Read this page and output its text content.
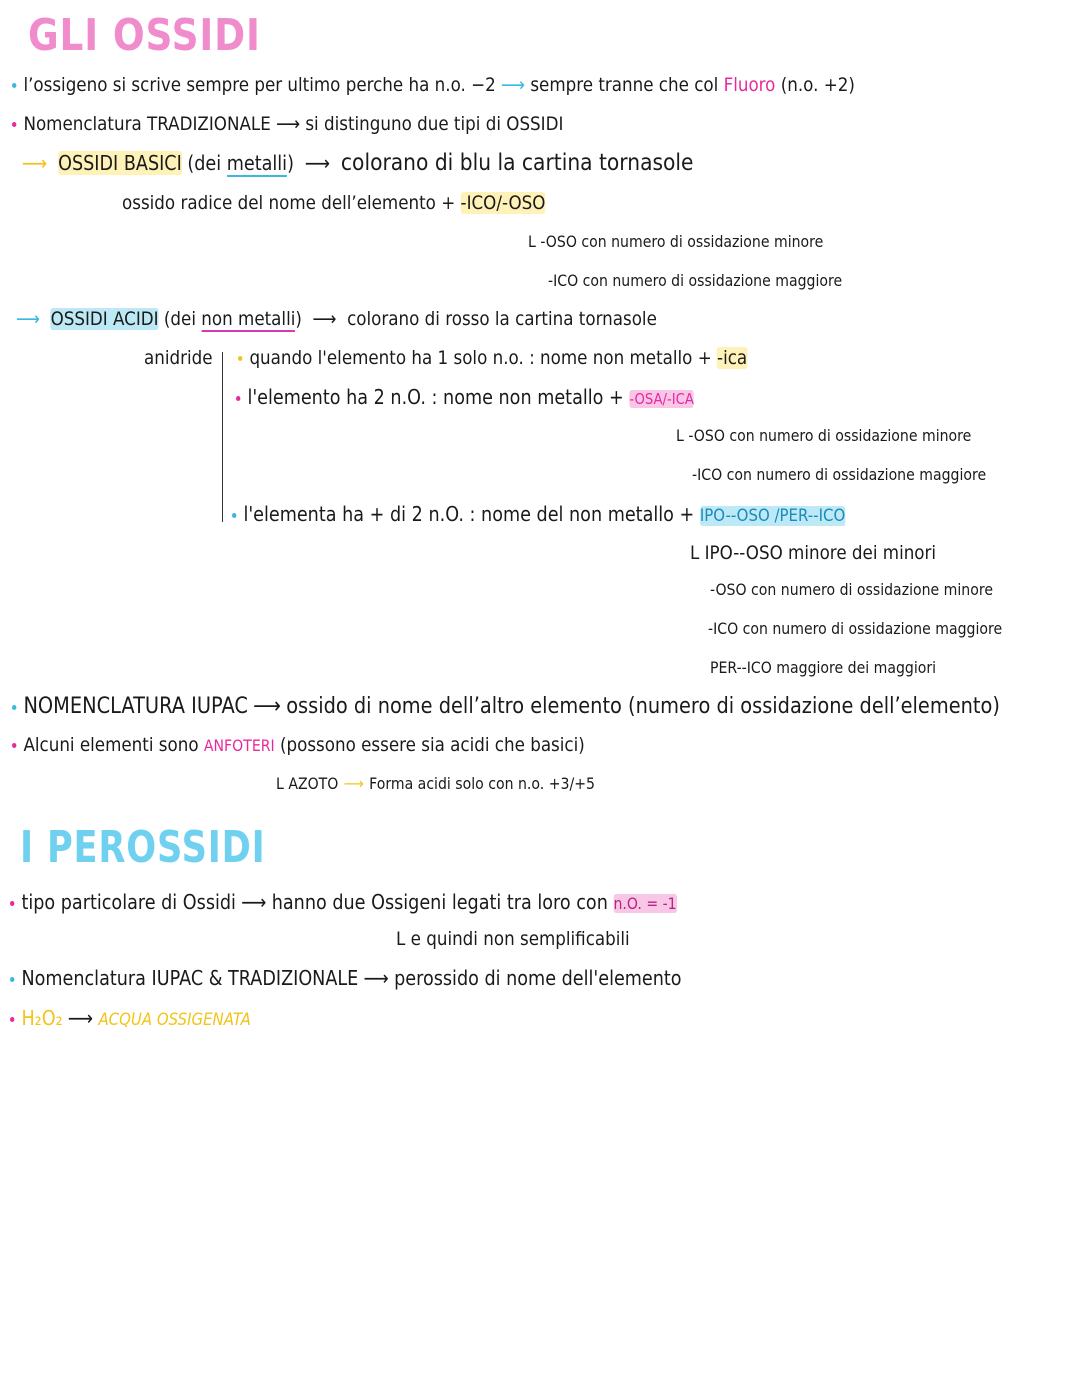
GLI OSSIDI
l’ossigeno si scrive sempre per ultimo perche ha n.o. −2 ⟶ sempre tranne che col Fluoro (n.o. +2)
Nomenclatura TRADIZIONALE ⟶ si distinguno due tipi di OSSIDI
⟶ OSSIDI BASICI (dei metalli) ⟶ colorano di blu la cartina tornasole
ossido radice del nome dell’elemento + -ICO/-OSO
L -OSO con numero di ossidazione minore
-ICO con numero di ossidazione maggiore
⟶ OSSIDI ACIDI (dei non metalli) ⟶ colorano di rosso la cartina tornasole
anidride	quando l'elemento ha 1 solo n.o. : nome non metallo + -ica
l'elemento ha 2 n.O. : nome non metallo + -OSA/-ICA
L -OSO con numero di ossidazione minore
-ICO con numero di ossidazione maggiore
l'elementa ha + di 2 n.O. : nome del non metallo + IPO--OSO /PER--ICO
L IPO--OSO minore dei minori
-OSO con numero di ossidazione minore
-ICO con numero di ossidazione maggiore
PER--ICO maggiore dei maggiori
NOMENCLATURA IUPAC ⟶ ossido di nome dell’altro elemento (numero di ossidazione dell’elemento)
Alcuni elementi sono ANFOTERI (possono essere sia acidi che basici)
L AZOTO ⟶ Forma acidi solo con n.o. +3/+5
I PEROSSIDI
tipo particolare di Ossidi ⟶ hanno due Ossigeni legati tra loro con n.O. = -1
L e quindi non semplificabili
Nomenclatura IUPAC & TRADIZIONALE ⟶ perossido di nome dell'elemento
H₂O₂ ⟶ ACQUA OSSIGENATA
